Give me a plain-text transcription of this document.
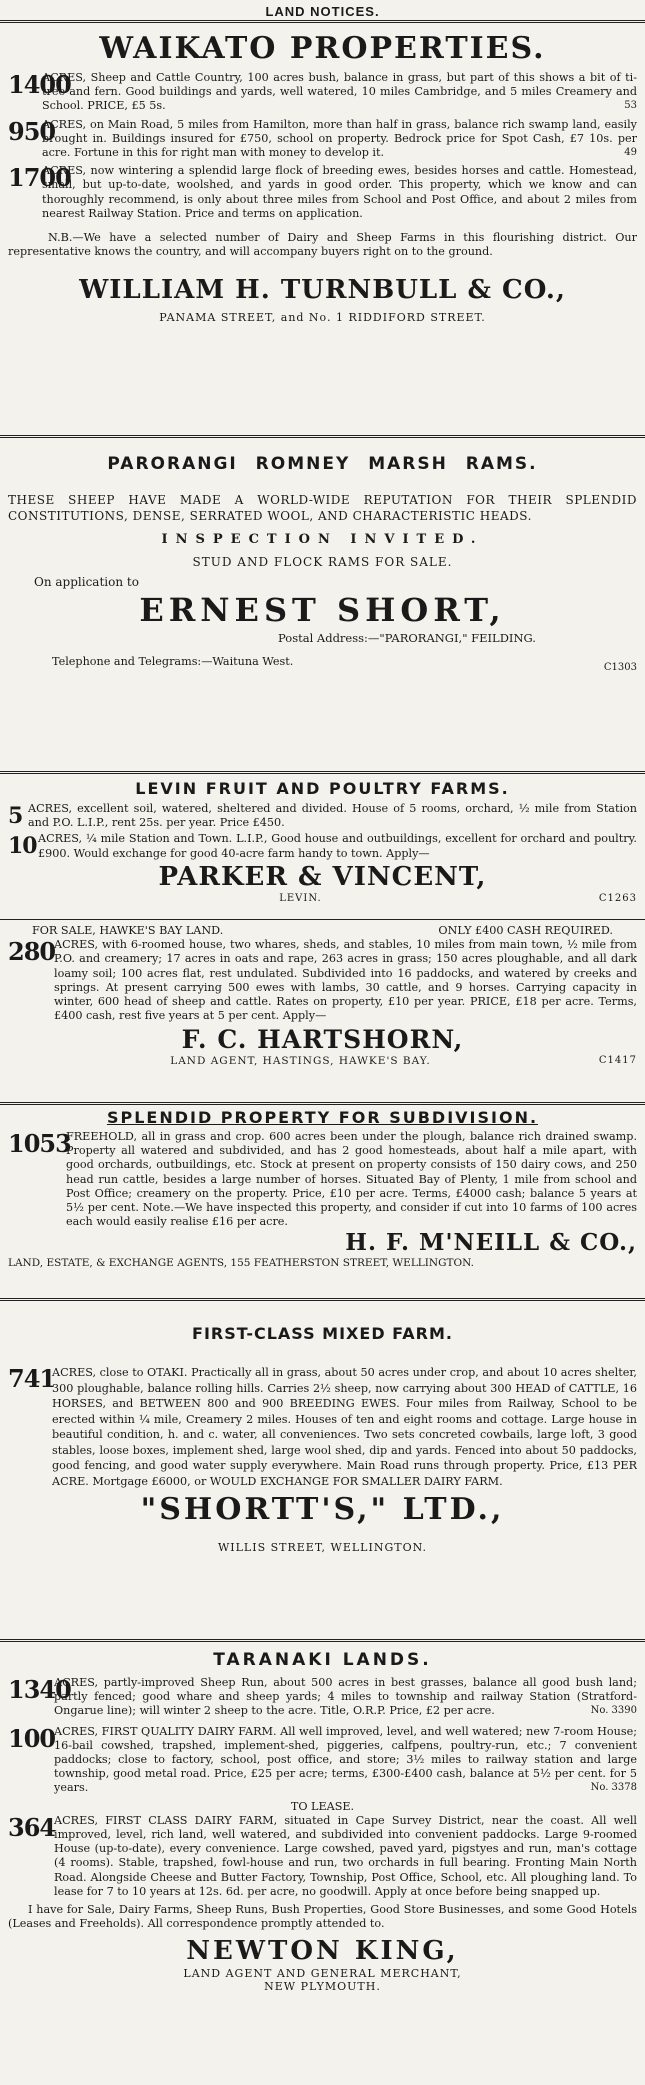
LAND NOTICES.
WAIKATO PROPERTIES.
1400

ACRES, Sheep and Cattle Country, 100 acres bush, balance in grass, but part of this shows a bit of ti-tree and fern. Good buildings and yards, well watered, 10 miles Cambridge, and 5 miles Creamery and School. PRICE, £5 5s.	53

950

ACRES, on Main Road, 5 miles from Hamilton, more than half in grass, balance rich swamp land, easily brought in. Buildings insured for £750, school on property. Bedrock price for Spot Cash, £7 10s. per acre. Fortune in this for right man with money to develop it.	49

1700

ACRES, now wintering a splendid large flock of breeding ewes, besides horses and cattle. Homestead, small, but up-to-date, woolshed, and yards in good order. This property, which we know and can thoroughly recommend, is only about three miles from School and Post Office, and about 2 miles from nearest Railway Station. Price and terms on application.

N.B.—We have a selected number of Dairy and Sheep Farms in this flourishing district. Our representative knows the country, and will accompany buyers right on to the ground.

WILLIAM H. TURNBULL & CO.,
PANAMA STREET, and No. 1 RIDDIFORD STREET.
PARORANGI ROMNEY MARSH RAMS.

THESE SHEEP HAVE MADE A WORLD-WIDE REPUTATION FOR THEIR SPLENDID CONSTITUTIONS, DENSE, SERRATED WOOL, AND CHARACTERISTIC HEADS.

INSPECTION INVITED.
STUD AND FLOCK RAMS FOR SALE.
On application to
ERNEST SHORT,
Postal Address:—"PARORANGI," FEILDING.
Telephone and Telegrams:—Waituna West.	C1303
LEVIN FRUIT AND POULTRY FARMS.
5 ACRES, excellent soil, watered, sheltered and divided. House of 5 rooms, orchard, ½ mile from Station and P.O. L.I.P., rent 25s. per year. Price £450.

10 ACRES, ¼ mile Station and Town. L.I.P., Good house and outbuildings, excellent for orchard and poultry. £900. Would exchange for good 40-acre farm handy to town. Apply—

PARKER & VINCENT,
LEVIN.	C1263
FOR SALE, HAWKE'S BAY LAND.	ONLY £400 CASH REQUIRED.
280

ACRES, with 6-roomed house, two whares, sheds, and stables, 10 miles from main town, ½ mile from P.O. and creamery; 17 acres in oats and rape, 263 acres in grass; 150 acres ploughable, and all dark loamy soil; 100 acres flat, rest undulated. Subdivided into 16 paddocks, and watered by creeks and springs. At present carrying 500 ewes with lambs, 30 cattle, and 9 horses. Carrying capacity in winter, 600 head of sheep and cattle. Rates on property, £10 per year. PRICE, £18 per acre. Terms, £400 cash, rest five years at 5 per cent. Apply—

F. C. HARTSHORN,
LAND AGENT, HASTINGS, HAWKE'S BAY.	C1417
SPLENDID PROPERTY FOR SUBDIVISION.
1053

FREEHOLD, all in grass and crop. 600 acres been under the plough, balance rich drained swamp. Property all watered and subdivided, and has 2 good homesteads, about half a mile apart, with good orchards, outbuildings, etc. Stock at present on property consists of 150 dairy cows, and 250 head run cattle, besides a large number of horses. Situated Bay of Plenty, 1 mile from school and Post Office; creamery on the property. Price, £10 per acre. Terms, £4000 cash; balance 5 years at 5½ per cent. Note.—We have inspected this property, and consider if cut into 10 farms of 100 acres each would easily realise £16 per acre.

H. F. M'NEILL & CO.,
LAND, ESTATE, & EXCHANGE AGENTS, 155 FEATHERSTON STREET, WELLINGTON.
FIRST-CLASS MIXED FARM.
741

ACRES, close to OTAKI. Practically all in grass, about 50 acres under crop, and about 10 acres shelter, 300 ploughable, balance rolling hills. Carries 2½ sheep, now carrying about 300 HEAD of CATTLE, 16 HORSES, and BETWEEN 800 and 900 BREEDING EWES. Four miles from Railway, School to be erected within ¼ mile, Creamery 2 miles. Houses of ten and eight rooms and cottage. Large house in beautiful condition, h. and c. water, all conveniences. Two sets concreted cowbails, large loft, 3 good stables, loose boxes, implement shed, large wool shed, dip and yards. Fenced into about 50 paddocks, good fencing, and good water supply everywhere. Main Road runs through property. Price, £13 PER ACRE. Mortgage £6000, or WOULD EXCHANGE FOR SMALLER DAIRY FARM.

"SHORTT'S," LTD.,
WILLIS STREET, WELLINGTON.
TARANAKI LANDS.
1340

ACRES, partly-improved Sheep Run, about 500 acres in best grasses, balance all good bush land; partly fenced; good whare and sheep yards; 4 miles to township and railway Station (Stratford-Ongarue line); will winter 2 sheep to the acre. Title, O.R.P. Price, £2 per acre.	No. 3390

100

ACRES, FIRST QUALITY DAIRY FARM. All well improved, level, and well watered; new 7-room House; 16-bail cowshed, trapshed, implement-shed, piggeries, calfpens, poultry-run, etc.; 7 convenient paddocks; close to factory, school, post office, and store; 3½ miles to railway station and large township, good metal road. Price, £25 per acre; terms, £300-£400 cash, balance at 5½ per cent. for 5 years.	No. 3378

TO LEASE.
364

ACRES, FIRST CLASS DAIRY FARM, situated in Cape Survey District, near the coast. All well improved, level, rich land, well watered, and subdivided into convenient paddocks. Large 9-roomed House (up-to-date), every convenience. Large cowshed, paved yard, pigstyes and run, man's cottage (4 rooms). Stable, trapshed, fowl-house and run, two orchards in full bearing. Fronting Main North Road. Alongside Cheese and Butter Factory, Township, Post Office, School, etc. All ploughing land. To lease for 7 to 10 years at 12s. 6d. per acre, no goodwill. Apply at once before being snapped up.

I have for Sale, Dairy Farms, Sheep Runs, Bush Properties, Good Store Businesses, and some Good Hotels (Leases and Freeholds). All correspondence promptly attended to.

NEWTON KING,
LAND AGENT AND GENERAL MERCHANT,
NEW PLYMOUTH.
